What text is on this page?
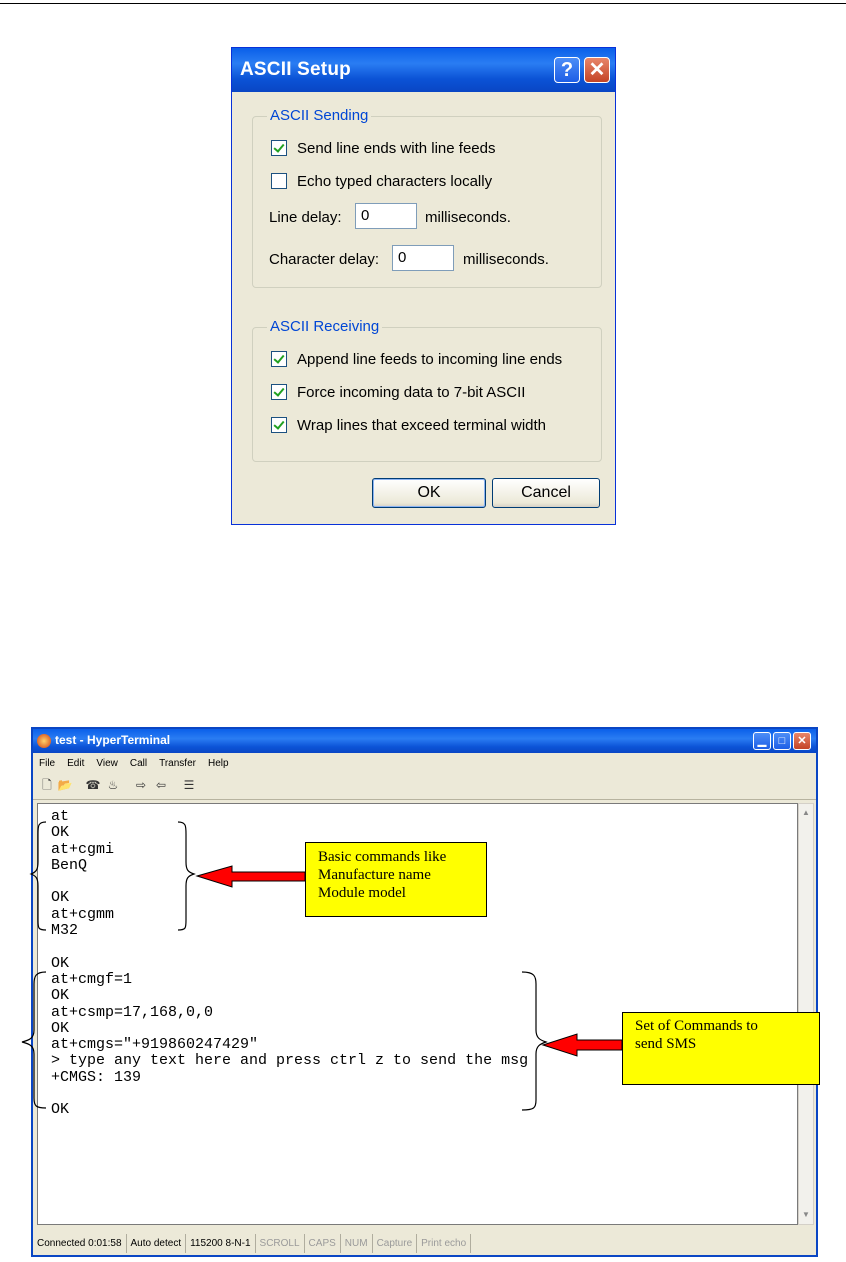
ASCII Setup	? ✕
ASCII Sending
Send line ends with line feeds
Echo typed characters locally
Line delay:	0	milliseconds.
Character delay:	0	milliseconds.
ASCII Receiving
Append line feeds to incoming line ends
Force incoming data to 7-bit ASCII
Wrap lines that exceed terminal width
OK	Cancel
test - HyperTerminal	▁	□	✕
File	Edit	View	Call	Transfer	Help
🗋 📂 ☎ ♨ ⇨ ⇦ ☰
at
OK
at+cgmi
BenQ

OK
at+cgmm
M32

OK
at+cmgf=1
OK
at+csmp=17,168,0,0
OK
at+cmgs="+919860247429"
> type any text here and press ctrl z to send the msg
+CMGS: 139

OK
▲
▼
Connected 0:01:58 Auto detect 115200 8-N-1 SCROLL CAPS NUM Capture Print echo
Basic commands like
Manufacture name
Module model
Set of Commands to
send SMS
